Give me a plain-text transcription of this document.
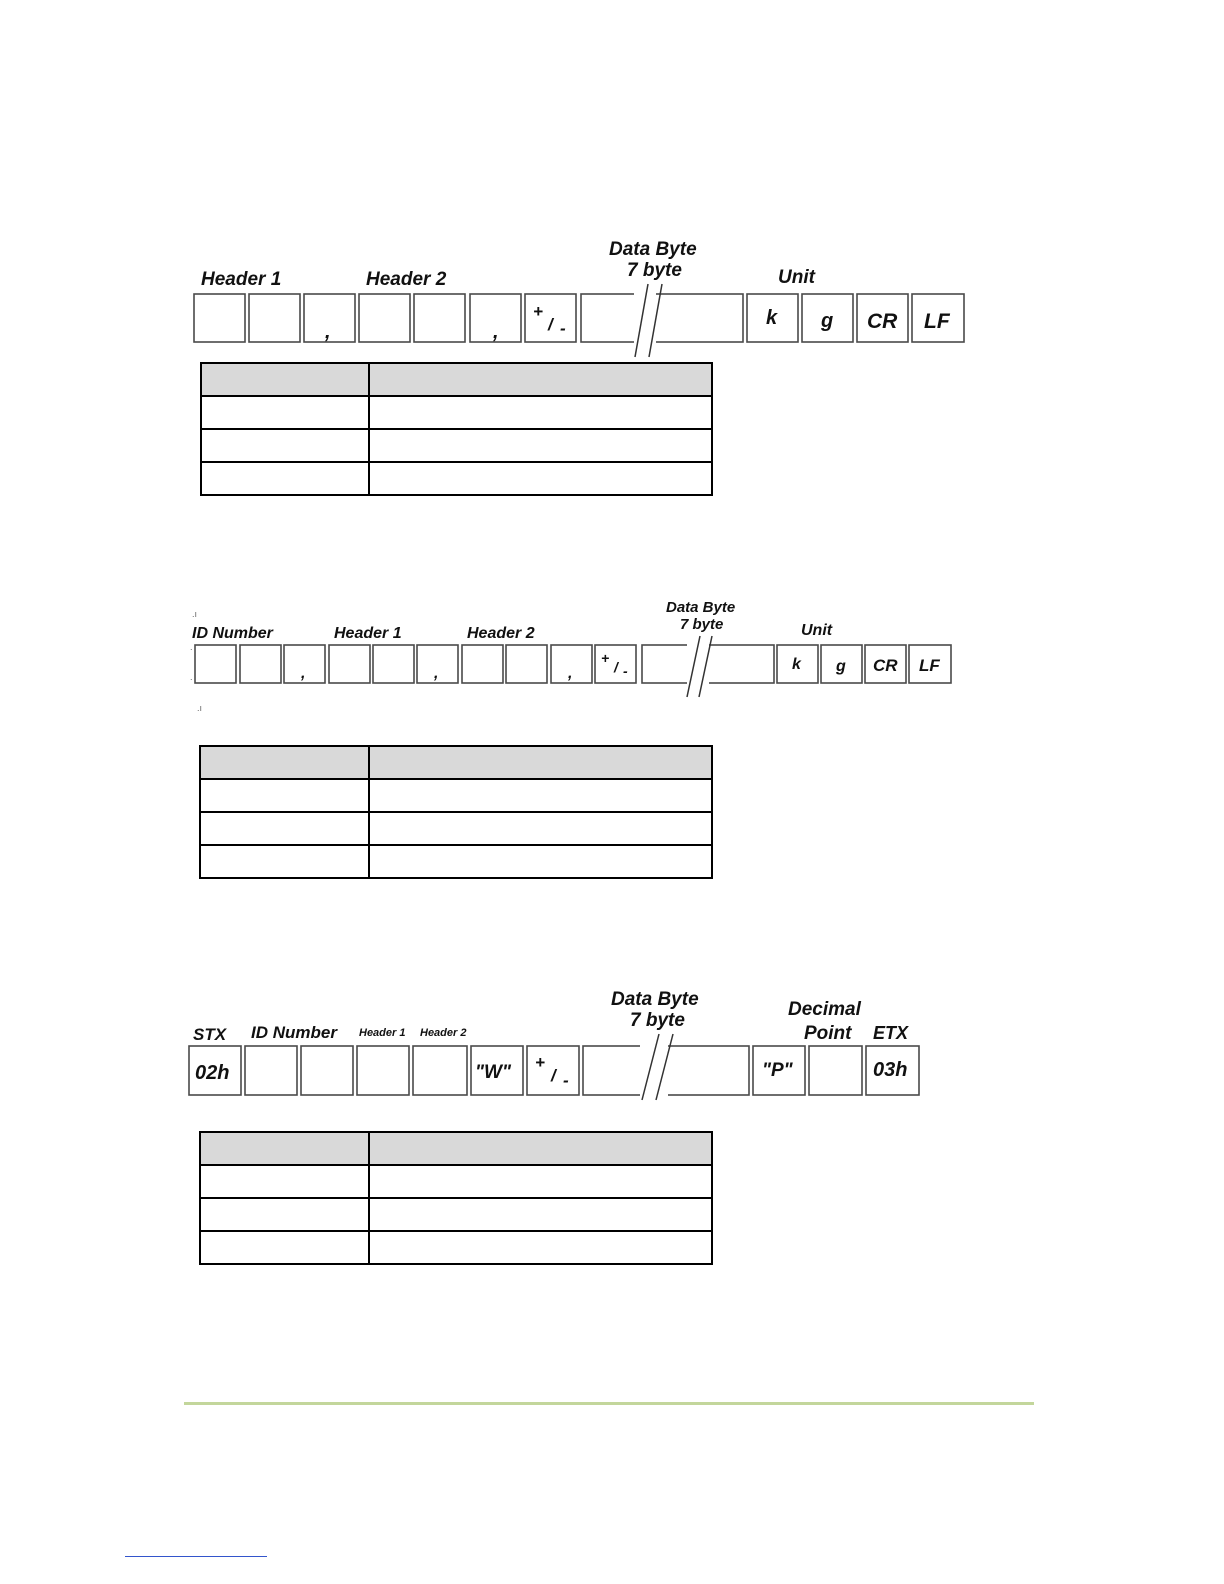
Header 1	Header 2
Data Byte
7 byte	Unit
,	,
+
/ -	k g CR LF

ID Number	Header 1	Header 2
Data Byte
7 byte	Unit
,	,	,
+
/ -	k g CR LF

STX ID Number Header 1 Header 2
Data Byte
7 byte
Decimal
Point ETX
02h	"W" +
/ -	"P"	03h

.ı
.
.
.ı
